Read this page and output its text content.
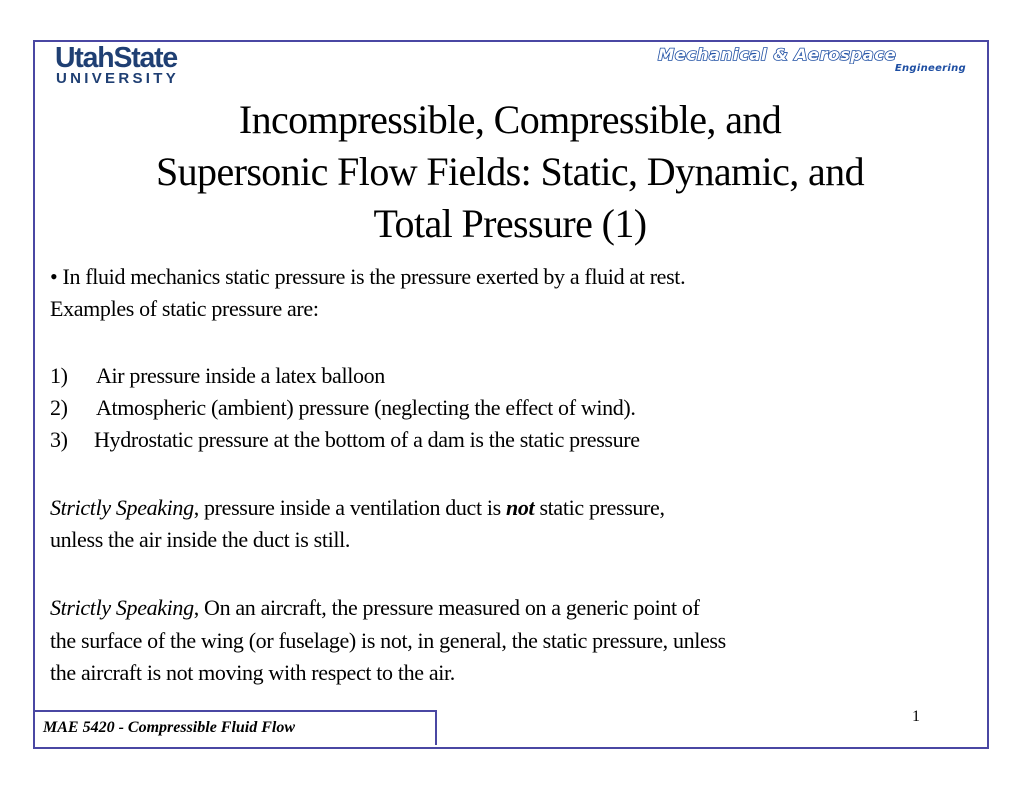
UtahState
UNIVERSITY
Mechanical & Aerospace
Engineering
Incompressible, Compressible, and
Supersonic Flow Fields: Static, Dynamic, and
Total Pressure (1)
• In fluid mechanics static pressure is the pressure exerted by a fluid at rest.
Examples of static pressure are:
1) Air pressure inside a latex balloon
2) Atmospheric (ambient) pressure (neglecting the effect of wind).
3) Hydrostatic pressure at the bottom of a dam is the static pressure
Strictly Speaking, pressure inside a ventilation duct is not static pressure,
unless the air inside the duct is still.
Strictly Speaking, On an aircraft, the pressure measured on a generic point of
the surface of the wing (or fuselage) is not, in general, the static pressure, unless
the aircraft is not moving with respect to the air.
MAE 5420 - Compressible Fluid Flow
1
